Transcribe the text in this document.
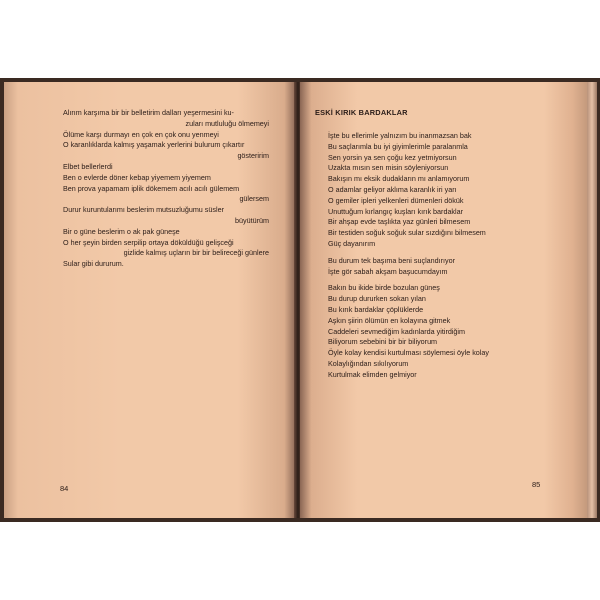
Alırım karşıma bir bir belletirim dalları yeşermesini ku-
zuları mutluluğu ölmemeyi
Ölüme karşı durmayı en çok en çok onu yenmeyi
O karanlıklarda kalmış yaşamak yerlerini bulurum çıkartır
gösteririm
Elbet bellerlerdi
Ben o evlerde döner kebap yiyemem yiyemem
Ben prova yapamam iplik dökemem acılı acılı gülemem
gülersem
Durur kuruntularımı beslerim mutsuzluğumu süsler
büyütürüm
Bir o güne beslerim o ak pak güneşe
O her şeyin birden serpilip ortaya döküldüğü gelişceği
gizlide kalmış uçların bir bir belireceği günlere
Sular gibi dururum.
84
ESKİ KIRIK BARDAKLAR
İşte bu ellerimle yalnızım bu inanmazsan bak
Bu saçlarımla bu iyi giyimlerimle paralanmla
Sen yorsin ya sen çoğu kez yetmiyorsun
Uzakta mısın sen misin söyleniyorsun
Bakışın mı eksik dudakların mı anlamıyorum
O adamlar geliyor aklıma karanlık iri yarı
O gemiler ipleri yelkenleri dümenleri dökük
Unuttuğum kırlangıç kuşları kırık bardaklar
Bir ahşap evde taşlıkta yaz günleri bilmesem
Bir testiden soğuk soğuk sular sızdığını bilmesem
Güç dayanırım
Bu durum tek başıma beni suçlandırıyor
İşte gör sabah akşam başucumdayım
Bakın bu ikide birde bozulan güneş
Bu durup dururken sokan yılan
Bu kırık bardaklar çöplüklerde
Aşkın şiirin ölümün en kolayına gitmek
Caddeleri sevmediğim kadınlarda yitirdiğim
Biliyorum sebebini bir bir biliyorum
Öyle kolay kendisi kurtulması söylemesi öyle kolay
Kolaylığından sıkılıyorum
Kurtulmak elimden gelmiyor
85
